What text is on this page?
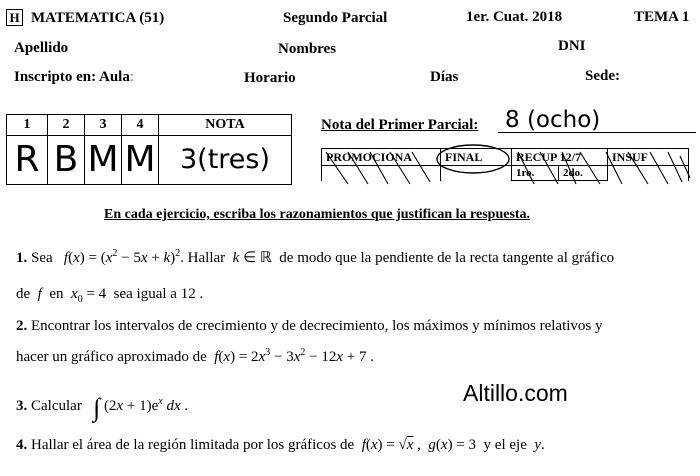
H MATEMATICA (51)	Segundo Parcial	1er. Cuat. 2018	TEMA 1
Apellido	Nombres	DNI
Inscripto en: Aula:	Horario	Días	Sede:
1	2	3	4	NOTA
R	B	M	M	3(tres)
Nota del Primer Parcial: 8 (ocho)
PROMOCIONA	FINAL	RECUP 12/7		INSUF
		1ro.	2do.	
En cada ejercicio, escriba los razonamientos que justifican la respuesta.
1. Sea   $f(x) = (x^2 - 5x + k)^2$. Hallar  k ∈ ℝ  de modo que la pendiente de la recta tangente al gráfico
de  f  en $x_0 = 4$  sea igual a 12 .
2. Encontrar los intervalos de crecimiento y de decrecimiento, los máximos y mínimos relativos y
hacer un gráfico aproximado de $f(x) = 2x^3 - 3x^2 - 12x + 7$ .
3. Calcular ∫ $(2x + 1)e^x$ dx .	Altillo.com
4. Hallar el área de la región limitada por los gráficos de f(x) = √x ,  g(x) = 3  y el eje  y.
